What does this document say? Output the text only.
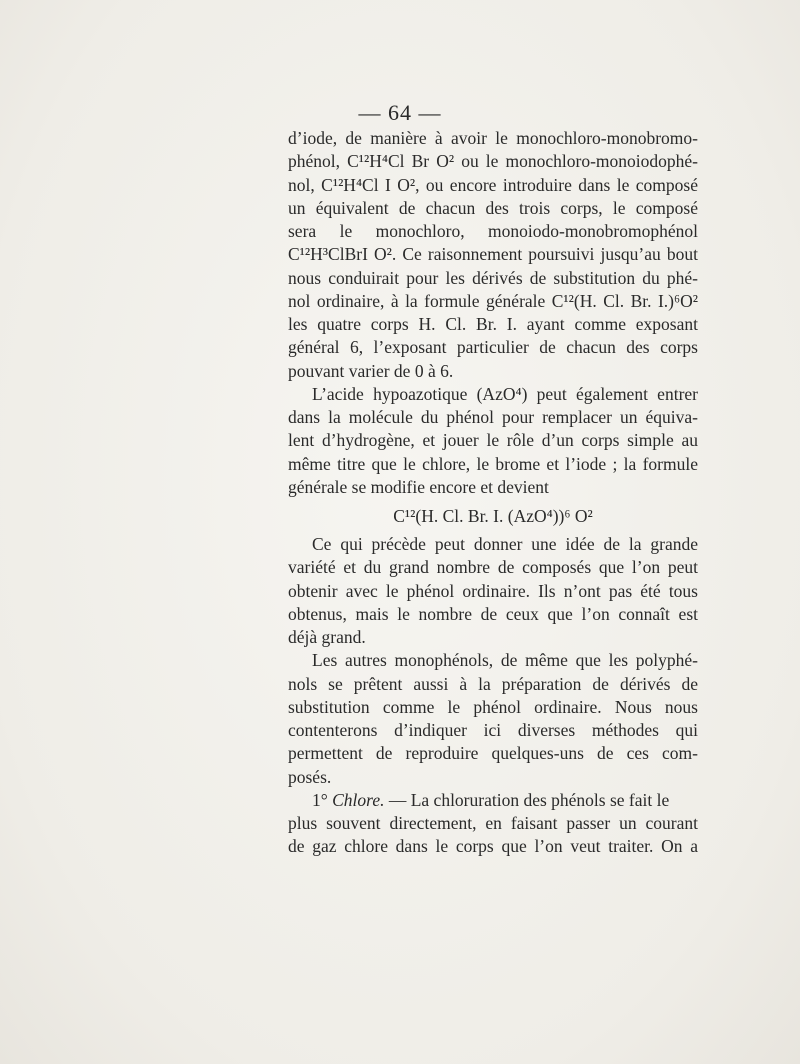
— 64 —

d’iode, de manière à avoir le monochloro-monobromo-
phénol, C¹²H⁴Cl Br O² ou le monochloro-monoiodophé-
nol, C¹²H⁴Cl I O², ou encore introduire dans le composé
un équivalent de chacun des trois corps, le composé
sera le monochloro, monoiodo-monobromophénol
C¹²H³ClBrI O². Ce raisonnement poursuivi jusqu’au bout
nous conduirait pour les dérivés de substitution du phé-
nol ordinaire, à la formule générale C¹²(H. Cl. Br. I.)⁶O²
les quatre corps H. Cl. Br. I. ayant comme exposant
général 6, l’exposant particulier de chacun des corps
pouvant varier de 0 à 6.

L’acide hypoazotique (AzO⁴) peut également entrer
dans la molécule du phénol pour remplacer un équiva-
lent d’hydrogène, et jouer le rôle d’un corps simple au
même titre que le chlore, le brome et l’iode ; la formule
générale se modifie encore et devient

C¹²(H. Cl. Br. I. (AzO⁴))⁶ O²

Ce qui précède peut donner une idée de la grande
variété et du grand nombre de composés que l’on peut
obtenir avec le phénol ordinaire. Ils n’ont pas été tous
obtenus, mais le nombre de ceux que l’on connaît est
déjà grand.

Les autres monophénols, de même que les polyphé-
nols se prêtent aussi à la préparation de dérivés de
substitution comme le phénol ordinaire. Nous nous
contenterons d’indiquer ici diverses méthodes qui
permettent de reproduire quelques-uns de ces com-
posés.

1° Chlore. — La chloruration des phénols se fait le
plus souvent directement, en faisant passer un courant
de gaz chlore dans le corps que l’on veut traiter. On a
